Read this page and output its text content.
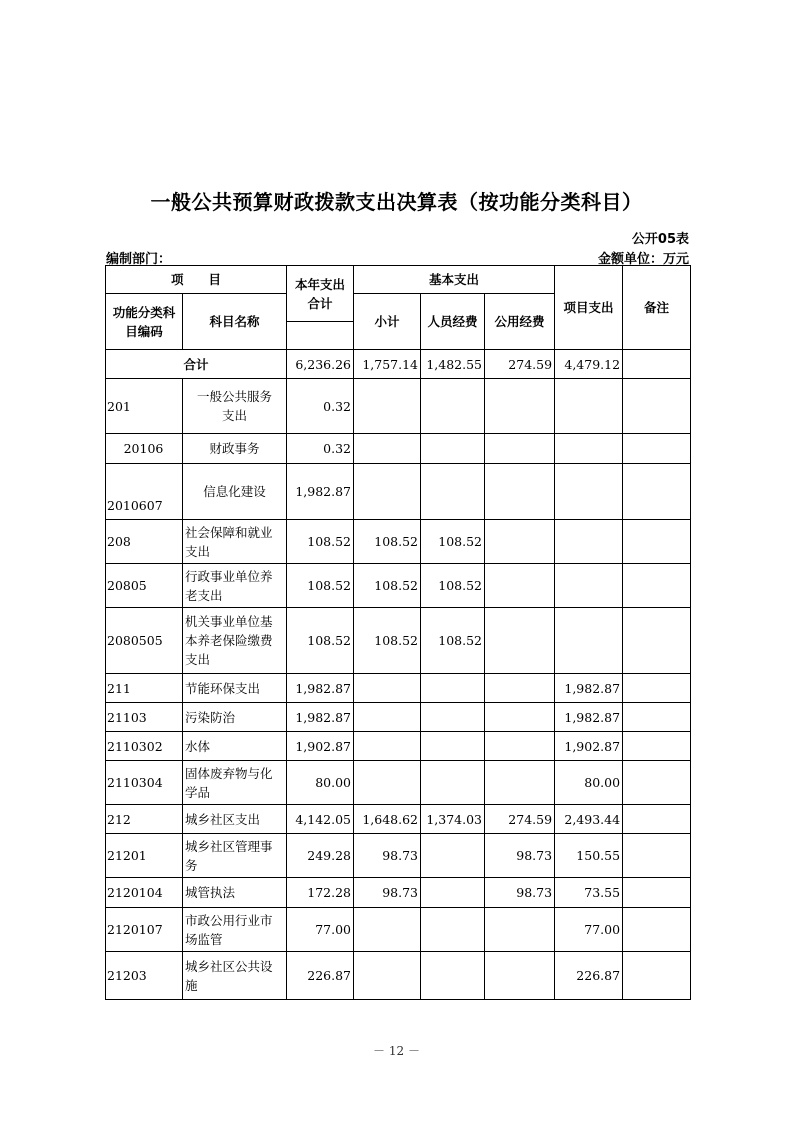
一般公共预算财政拨款支出决算表（按功能分类科目）
公开05表
编制部门：	金额单位：万元
项　　目		本年支出合计	基本支出			项目支出	备注
功能分类科目编码	科目名称		小计	人员经费	公用经费		

合计		6,236.26	1,757.14	1,482.55	274.59	4,479.12	
201	一般公共服务支出	0.32					
20106	财政事务	0.32					
2010607	信息化建设	1,982.87					
208	社会保障和就业支出	108.52	108.52	108.52			
20805	行政事业单位养老支出	108.52	108.52	108.52			
2080505	机关事业单位基本养老保险缴费支出	108.52	108.52	108.52			
211	节能环保支出	1,982.87				1,982.87	
21103	污染防治	1,982.87				1,982.87	
2110302	水体	1,902.87				1,902.87	
2110304	固体废弃物与化学品	80.00				80.00	
212	城乡社区支出	4,142.05	1,648.62	1,374.03	274.59	2,493.44	
21201	城乡社区管理事务	249.28	98.73		98.73	150.55	
2120104	城管执法	172.28	98.73		98.73	73.55	
2120107	市政公用行业市场监管	77.00				77.00	
21203	城乡社区公共设施	226.87				226.87	
－ 12 －
